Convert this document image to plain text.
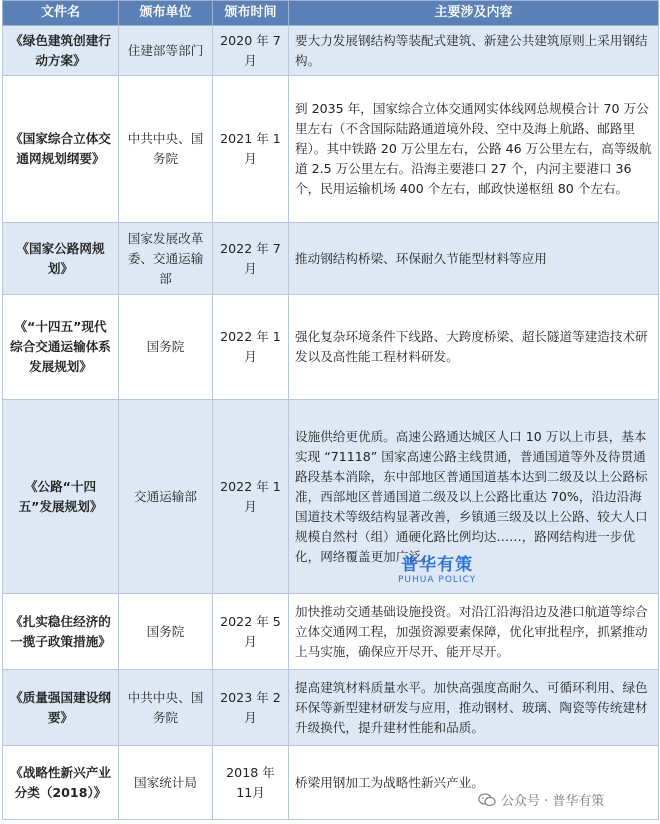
文件名	颁布单位	颁布时间	主要涉及内容
《绿色建筑创建行动方案》	住建部等部门	2020 年 7月	要大力发展钢结构等装配式建筑、新建公共建筑原则上采用钢结构。
《国家综合立体交通网规划纲要》	中共中央、国务院	2021 年 1月	到 2035 年，国家综合立体交通网实体线网总规模合计 70 万公里左右（不含国际陆路通道境外段、空中及海上航路、邮路里程）。其中铁路 20 万公里左右，公路 46 万公里左右，高等级航道 2.5 万公里左右。沿海主要港口 27 个，内河主要港口 36 个，民用运输机场 400 个左右，邮政快递枢纽 80 个左右。
《国家公路网规划》	国家发展改革委、交通运输部	2022 年 7月	推动钢结构桥梁、环保耐久节能型材料等应用
《“十四五”现代综合交通运输体系发展规划》	国务院	2022 年 1月	强化复杂环境条件下线路、大跨度桥梁、超长隧道等建造技术研发以及高性能工程材料研发。
《公路“十四五”发展规划》	交通运输部	2022 年 1月	设施供给更优质。高速公路通达城区人口 10 万以上市县，基本实现 “71118” 国家高速公路主线贯通，普通国道等外及待贯通路段基本消除，东中部地区普通国道基本达到二级及以上公路标准，西部地区普通国道二级及以上公路比重达 70%，沿边沿海国道技术等级结构显著改善，乡镇通三级及以上公路、较大人口规模自然村（组）通硬化路比例均达……，路网结构进一步优化，网络覆盖更加广泛。
《扎实稳住经济的一揽子政策措施》	国务院	2022 年 5月	加快推动交通基础设施投资。对沿江沿海沿边及港口航道等综合立体交通网工程，加强资源要素保障，优化审批程序，抓紧推动上马实施，确保应开尽开、能开尽开。
《质量强国建设纲要》	中共中央、国务院	2023 年 2月	提高建筑材料质量水平。加快高强度高耐久、可循环利用、绿色环保等新型建材研发与应用，推动钢材、玻璃、陶瓷等传统建材升级换代，提升建材性能和品质。
《战略性新兴产业分类（2018）》	国家统计局	2018 年 11月	桥梁用钢加工为战略性新兴产业。
普华有策
PUHUA POLICY
公众号 · 普华有策
